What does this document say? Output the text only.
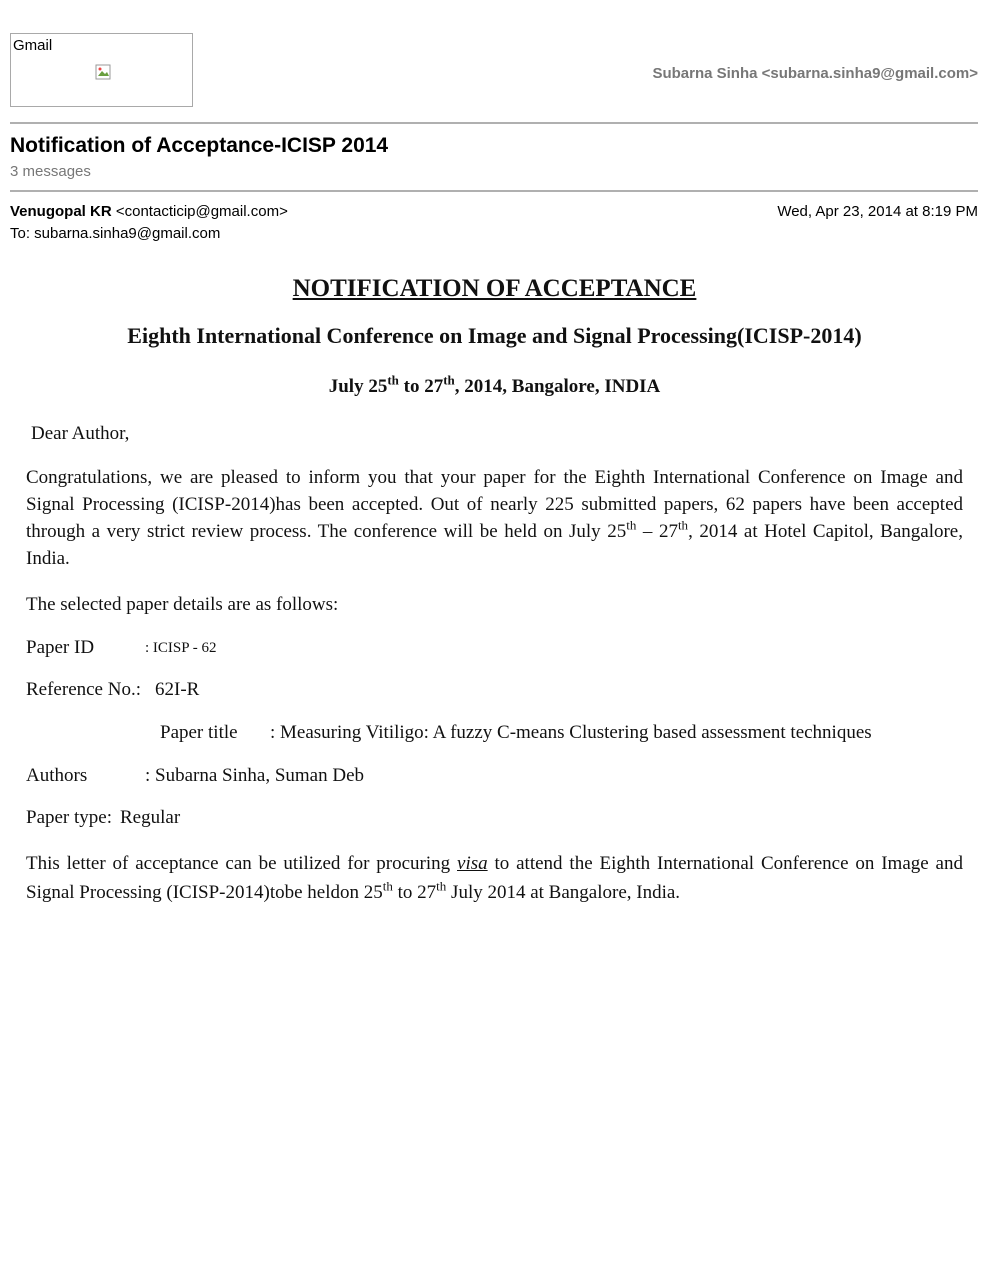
Gmail
Subarna Sinha <subarna.sinha9@gmail.com>
Notification of Acceptance-ICISP 2014
3 messages
Venugopal KR <contacticip@gmail.com>	Wed, Apr 23, 2014 at 8:19 PM
To: subarna.sinha9@gmail.com
NOTIFICATION OF ACCEPTANCE
Eighth International Conference on Image and Signal Processing(ICISP-2014)
July 25th to 27th, 2014, Bangalore, INDIA
Dear Author,
Congratulations, we are pleased to inform you that your paper for the Eighth International Conference on Image and Signal Processing (ICISP-2014)has been accepted. Out of nearly 225 submitted papers, 62 papers have been accepted through a very strict review process. The conference will be held on July 25th – 27th, 2014 at Hotel Capitol, Bangalore, India.
The selected paper details are as follows:
Paper ID	: ICISP - 62
Reference No.: 62I-R
Paper title : Measuring Vitiligo: A fuzzy C-means Clustering based assessment techniques
Authors	: Subarna Sinha, Suman Deb
Paper type: Regular
This letter of acceptance can be utilized for procuring visa to attend the Eighth International Conference on Image and Signal Processing (ICISP-2014)tobe heldon 25th to 27th July 2014 at Bangalore, India.
